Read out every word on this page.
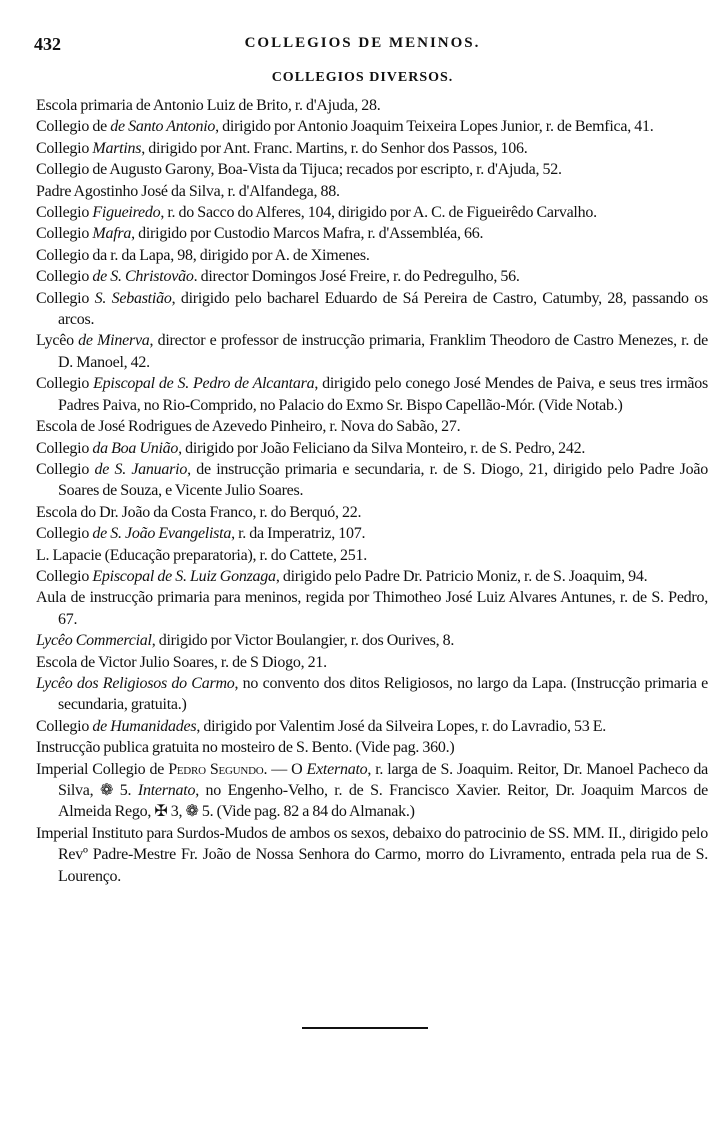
432	COLLEGIOS DE MENINOS.
COLLEGIOS DIVERSOS.

Escola primaria de Antonio Luiz de Brito, r. d'Ajuda, 28.

Collegio de de Santo Antonio, dirigido por Antonio Joaquim Teixeira Lopes Junior, r. de Bemfica, 41.

Collegio Martins, dirigido por Ant. Franc. Martins, r. do Senhor dos Passos, 106.

Collegio de Augusto Garony, Boa-Vista da Tijuca; recados por escripto, r. d'Ajuda, 52.

Padre Agostinho José da Silva, r. d'Alfandega, 88.

Collegio Figueiredo, r. do Sacco do Alferes, 104, dirigido por A. C. de Figueirêdo Carvalho.

Collegio Mafra, dirigido por Custodio Marcos Mafra, r. d'Assembléa, 66.

Collegio da r. da Lapa, 98, dirigido por A. de Ximenes.

Collegio de S. Christovão. director Domingos José Freire, r. do Pedregulho, 56.

Collegio S. Sebastião, dirigido pelo bacharel Eduardo de Sá Pereira de Castro, Catumby, 28, passando os arcos.

Lycêo de Minerva, director e professor de instrucção primaria, Franklim Theodoro de Castro Menezes, r. de D. Manoel, 42.

Collegio Episcopal de S. Pedro de Alcantara, dirigido pelo conego José Mendes de Paiva, e seus tres irmãos Padres Paiva, no Rio-Comprido, no Palacio do Exmo Sr. Bispo Capellão-Mór. (Vide Notab.)

Escola de José Rodrigues de Azevedo Pinheiro, r. Nova do Sabão, 27.

Collegio da Boa União, dirigido por João Feliciano da Silva Monteiro, r. de S. Pedro, 242.

Collegio de S. Januario, de instrucção primaria e secundaria, r. de S. Diogo, 21, dirigido pelo Padre João Soares de Souza, e Vicente Julio Soares.

Escola do Dr. João da Costa Franco, r. do Berquó, 22.

Collegio de S. João Evangelista, r. da Imperatriz, 107.

L. Lapacie (Educação preparatoria), r. do Cattete, 251.

Collegio Episcopal de S. Luiz Gonzaga, dirigido pelo Padre Dr. Patricio Moniz, r. de S. Joaquim, 94.

Aula de instrucção primaria para meninos, regida por Thimotheo José Luiz Alvares Antunes, r. de S. Pedro, 67.

Lycêo Commercial, dirigido por Victor Boulangier, r. dos Ourives, 8.

Escola de Victor Julio Soares, r. de S Diogo, 21.

Lycêo dos Religiosos do Carmo, no convento dos ditos Religiosos, no largo da Lapa. (Instrucção primaria e secundaria, gratuita.)

Collegio de Humanidades, dirigido por Valentim José da Silveira Lopes, r. do Lavradio, 53 E.

Instrucção publica gratuita no mosteiro de S. Bento. (Vide pag. 360.)

Imperial Collegio de Pedro Segundo. — O Externato, r. larga de S. Joaquim. Reitor, Dr. Manoel Pacheco da Silva, ❁ 5. Internato, no Engenho-Velho, r. de S. Francisco Xavier. Reitor, Dr. Joaquim Marcos de Almeida Rego, ✠ 3, ❁ 5. (Vide pag. 82 a 84 do Almanak.)

Imperial Instituto para Surdos-Mudos de ambos os sexos, debaixo do patrocinio de SS. MM. II., dirigido pelo Revº Padre-Mestre Fr. João de Nossa Senhora do Carmo, morro do Livramento, entrada pela rua de S. Lourenço.
